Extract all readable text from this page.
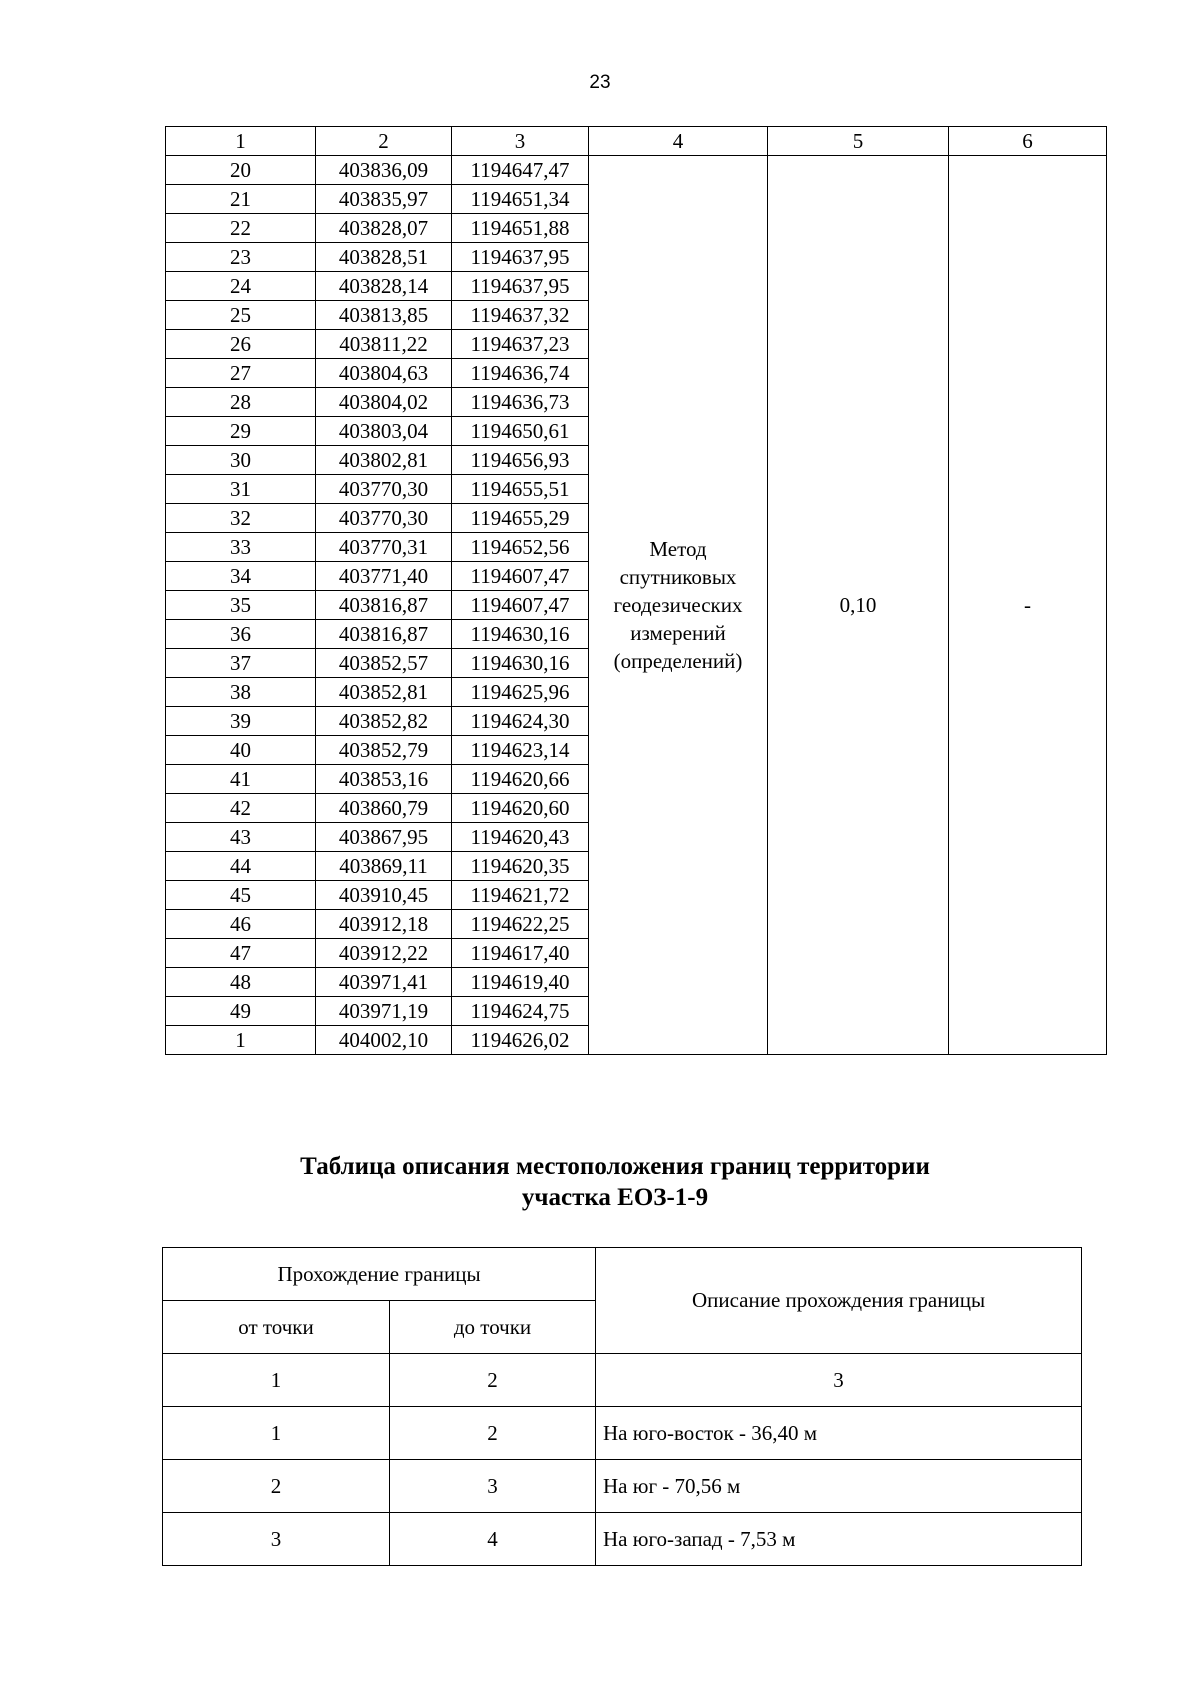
23
1	2	3	4	5	6
20	403836,09	1194647,47	Метод
спутниковых
геодезических
измерений
(определений)	0,10	-
21	403835,97	1194651,34			
22	403828,07	1194651,88			
23	403828,51	1194637,95			
24	403828,14	1194637,95			
25	403813,85	1194637,32			
26	403811,22	1194637,23			
27	403804,63	1194636,74			
28	403804,02	1194636,73			
29	403803,04	1194650,61			
30	403802,81	1194656,93			
31	403770,30	1194655,51			
32	403770,30	1194655,29			
33	403770,31	1194652,56			
34	403771,40	1194607,47			
35	403816,87	1194607,47			
36	403816,87	1194630,16			
37	403852,57	1194630,16			
38	403852,81	1194625,96			
39	403852,82	1194624,30			
40	403852,79	1194623,14			
41	403853,16	1194620,66			
42	403860,79	1194620,60			
43	403867,95	1194620,43			
44	403869,11	1194620,35			
45	403910,45	1194621,72			
46	403912,18	1194622,25			
47	403912,22	1194617,40			
48	403971,41	1194619,40			
49	403971,19	1194624,75			
1	404002,10	1194626,02			
Таблица описания местоположения границ территории
участка ЕОЗ-1-9
Прохождение границы		Описание прохождения границы
от точки	до точки	
1	2	3
1	2	На юго-восток - 36,40 м
2	3	На юг - 70,56 м
3	4	На юго-запад - 7,53 м
